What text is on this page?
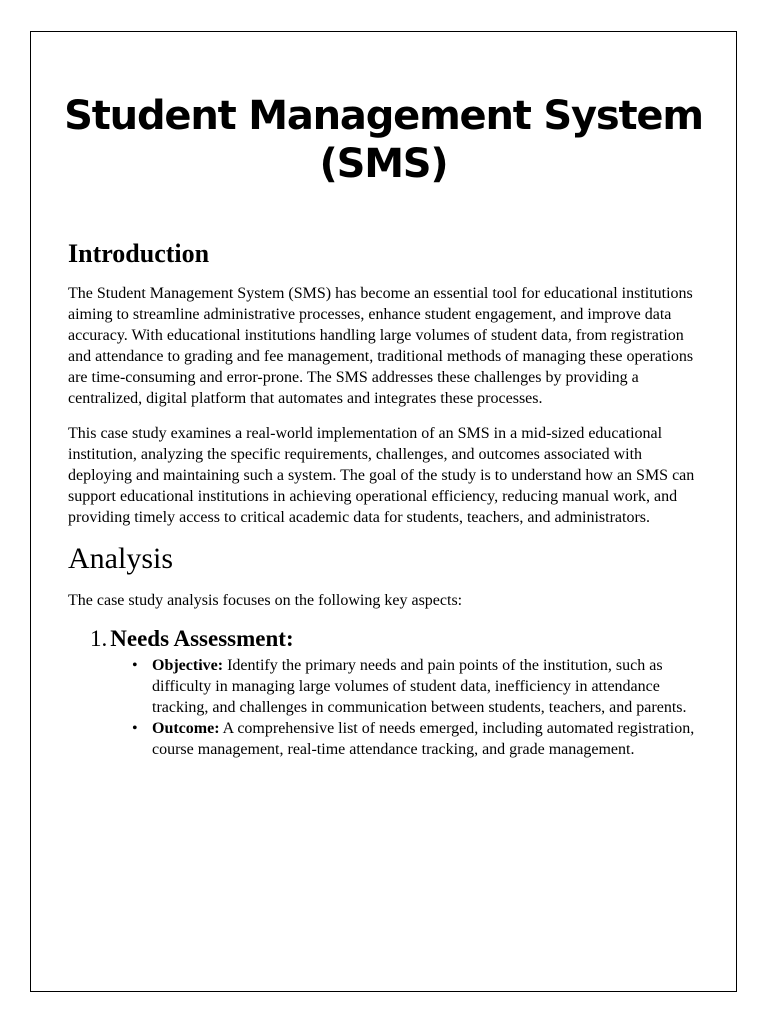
Student Management System
(SMS)
Introduction

The Student Management System (SMS) has become an essential tool for educational institutions aiming to streamline administrative processes, enhance student engagement, and improve data accuracy. With educational institutions handling large volumes of student data, from registration and attendance to grading and fee management, traditional methods of managing these operations are time-consuming and error-prone. The SMS addresses these challenges by providing a centralized, digital platform that automates and integrates these processes.

This case study examines a real-world implementation of an SMS in a mid-sized educational institution, analyzing the specific requirements, challenges, and outcomes associated with deploying and maintaining such a system. The goal of the study is to understand how an SMS can support educational institutions in achieving operational efficiency, reducing manual work, and providing timely access to critical academic data for students, teachers, and administrators.

Analysis

The case study analysis focuses on the following key aspects:

1. Needs Assessment:
• Objective: Identify the primary needs and pain points of the institution, such as difficulty in managing large volumes of student data, inefficiency in attendance tracking, and challenges in communication between students, teachers, and parents.
• Outcome: A comprehensive list of needs emerged, including automated registration, course management, real-time attendance tracking, and grade management.
